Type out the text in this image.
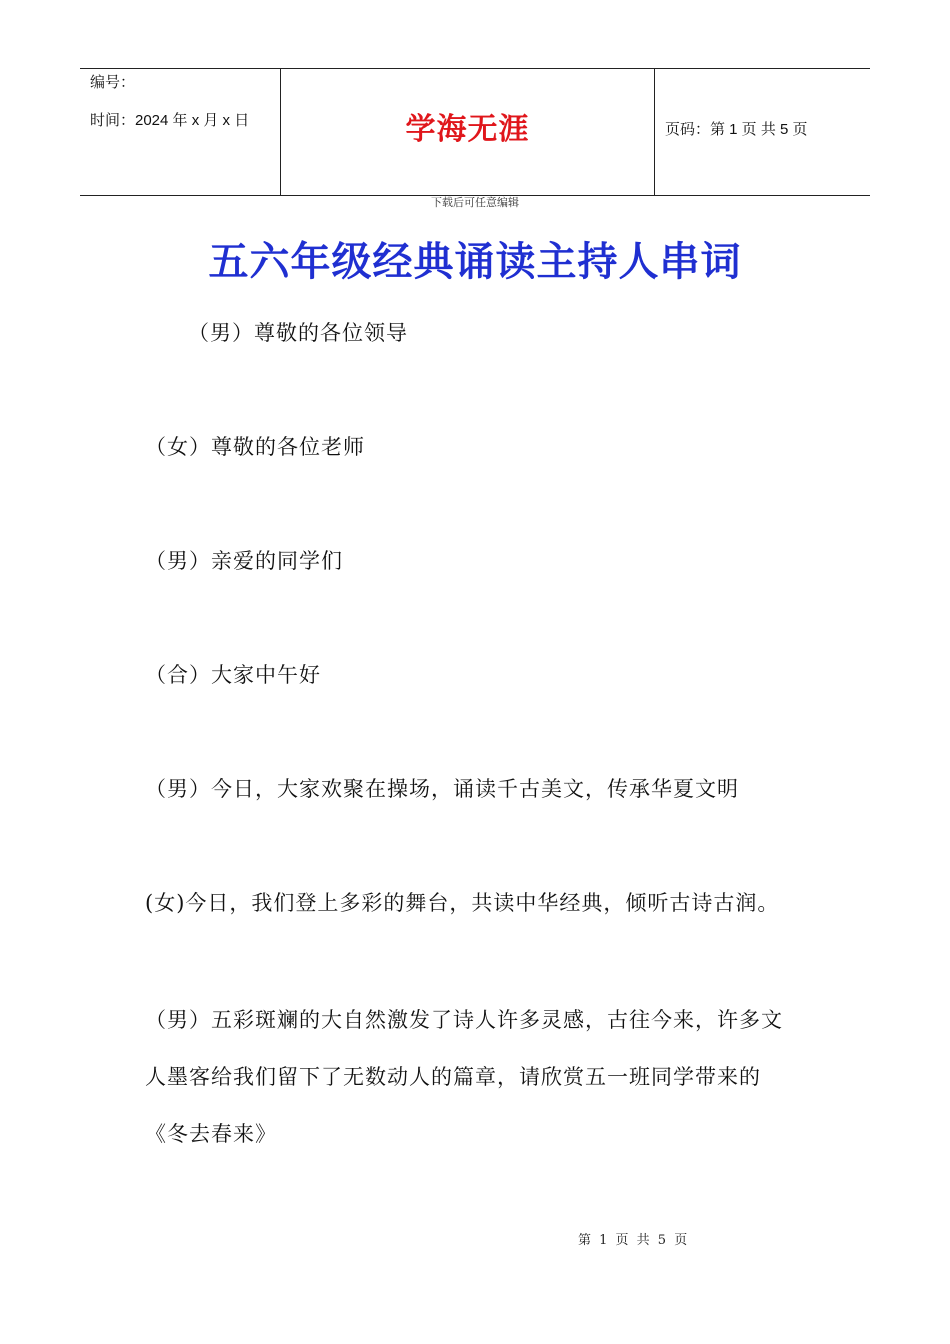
编号：
时间：2024 年 x 月 x 日	学海无涯	页码：第 1 页 共 5 页
下载后可任意编辑
五六年级经典诵读主持人串词
（男）尊敬的各位领导
（女）尊敬的各位老师
（男）亲爱的同学们
（合）大家中午好
（男）今日，大家欢聚在操场，诵读千古美文，传承华夏文明
(女)今日，我们登上多彩的舞台，共读中华经典，倾听古诗古润。
（男）五彩斑斓的大自然激发了诗人许多灵感，古往今来，许多文
人墨客给我们留下了无数动人的篇章，请欣赏五一班同学带来的
《冬去春来》
第 1 页 共 5 页
